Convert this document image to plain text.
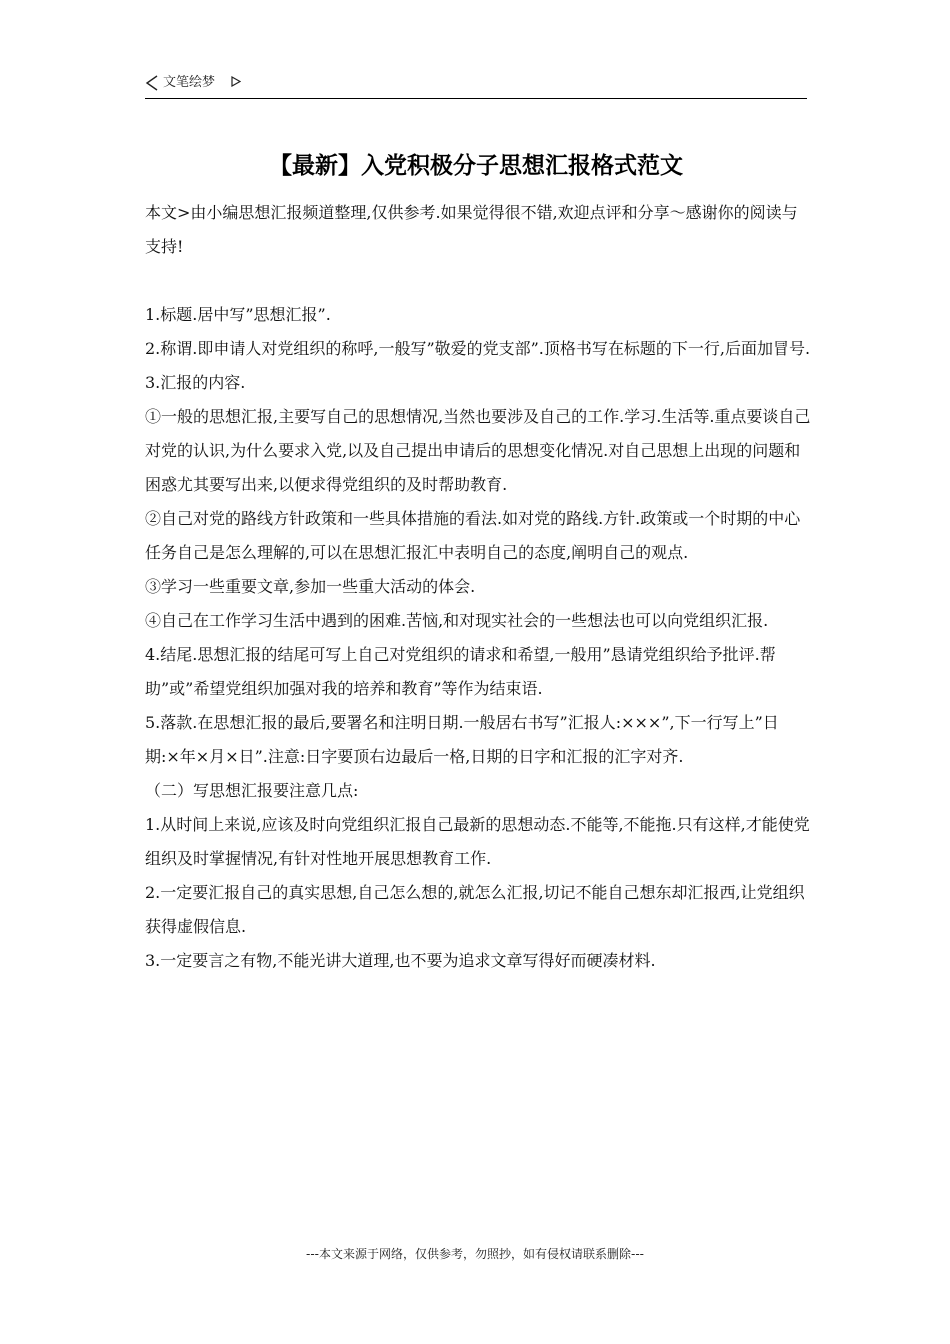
文笔绘梦
【最新】入党积极分子思想汇报格式范文

本文>由小编思想汇报频道整理,仅供参考.如果觉得很不错,欢迎点评和分享～感谢你的阅读与支持!

1.标题.居中写”思想汇报”.

2.称谓.即申请人对党组织的称呼,一般写”敬爱的党支部”.顶格书写在标题的下一行,后面加冒号.

3.汇报的内容.

①一般的思想汇报,主要写自己的思想情况,当然也要涉及自己的工作.学习.生活等.重点要谈自己对党的认识,为什么要求入党,以及自己提出申请后的思想变化情况.对自己思想上出现的问题和困惑尤其要写出来,以便求得党组织的及时帮助教育.

②自己对党的路线方针政策和一些具体措施的看法.如对党的路线.方针.政策或一个时期的中心任务自己是怎么理解的,可以在思想汇报汇中表明自己的态度,阐明自己的观点.

③学习一些重要文章,参加一些重大活动的体会.

④自己在工作学习生活中遇到的困难.苦恼,和对现实社会的一些想法也可以向党组织汇报.

4.结尾.思想汇报的结尾可写上自己对党组织的请求和希望,一般用”恳请党组织给予批评.帮助”或”希望党组织加强对我的培养和教育”等作为结束语.

5.落款.在思想汇报的最后,要署名和注明日期.一般居右书写”汇报人:×××”,下一行写上”日期:×年×月×日”.注意:日字要顶右边最后一格,日期的日字和汇报的汇字对齐.

（二）写思想汇报要注意几点:

1.从时间上来说,应该及时向党组织汇报自己最新的思想动态.不能等,不能拖.只有这样,才能使党组织及时掌握情况,有针对性地开展思想教育工作.

2.一定要汇报自己的真实思想,自己怎么想的,就怎么汇报,切记不能自己想东却汇报西,让党组织获得虚假信息.

3.一定要言之有物,不能光讲大道理,也不要为追求文章写得好而硬凑材料.

---本文来源于网络，仅供参考，勿照抄，如有侵权请联系删除---
